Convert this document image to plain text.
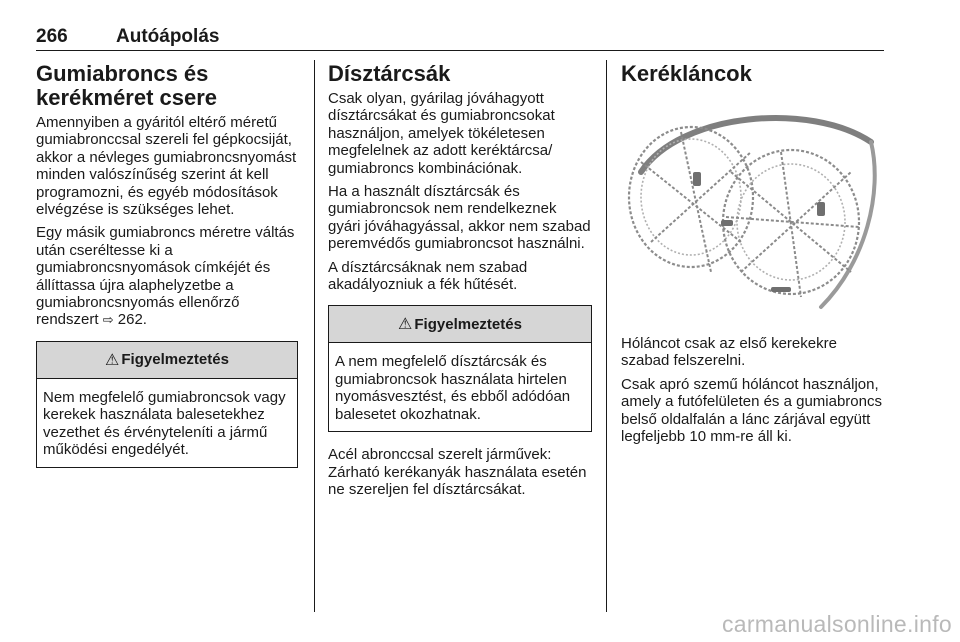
266	Autóápolás
Gumiabroncs és kerékméret csere

Amennyiben a gyáritól eltérő méretű gumiabronccsal szereli fel gépkocsiját, akkor a névleges gumiabroncsnyomást minden valószínűség szerint át kell programozni, és egyéb módosítások elvégzése is szükséges lehet.

Egy másik gumiabroncs méretre váltás után cseréltesse ki a gumiabroncsnyomások címkéjét és állíttassa újra alaphelyzetbe a gumiabroncsnyomás ellenőrző rendszert ⇨ 262.

⚠ Figyelmeztetés
Nem megfelelő gumiabroncsok vagy kerekek használata balesetekhez vezethet és érvényteleníti a jármű működési engedélyét.
Dísztárcsák

Csak olyan, gyárilag jóváhagyott dísztárcsákat és gumiabroncsokat használjon, amelyek tökéletesen megfelelnek az adott keréktárcsa/ gumiabroncs kombinációnak.

Ha a használt dísztárcsák és gumiabroncsok nem rendelkeznek gyári jóváhagyással, akkor nem szabad peremvédős gumiabroncsot használni.

A dísztárcsáknak nem szabad akadályozniuk a fék hűtését.

⚠ Figyelmeztetés
A nem megfelelő dísztárcsák és gumiabroncsok használata hirtelen nyomásvesztést, és ebből adódóan balesetet okozhatnak.

Acél abronccsal szerelt járművek: Zárható kerékanyák használata esetén ne szereljen fel dísztárcsákat.

Kerékláncok

Hóláncot csak az első kerekekre szabad felszerelni.

Csak apró szemű hóláncot használjon, amely a futófelületen és a gumiabroncs belső oldalfalán a lánc zárjával együtt legfeljebb 10 mm-re áll ki.

carmanualsonline.info
